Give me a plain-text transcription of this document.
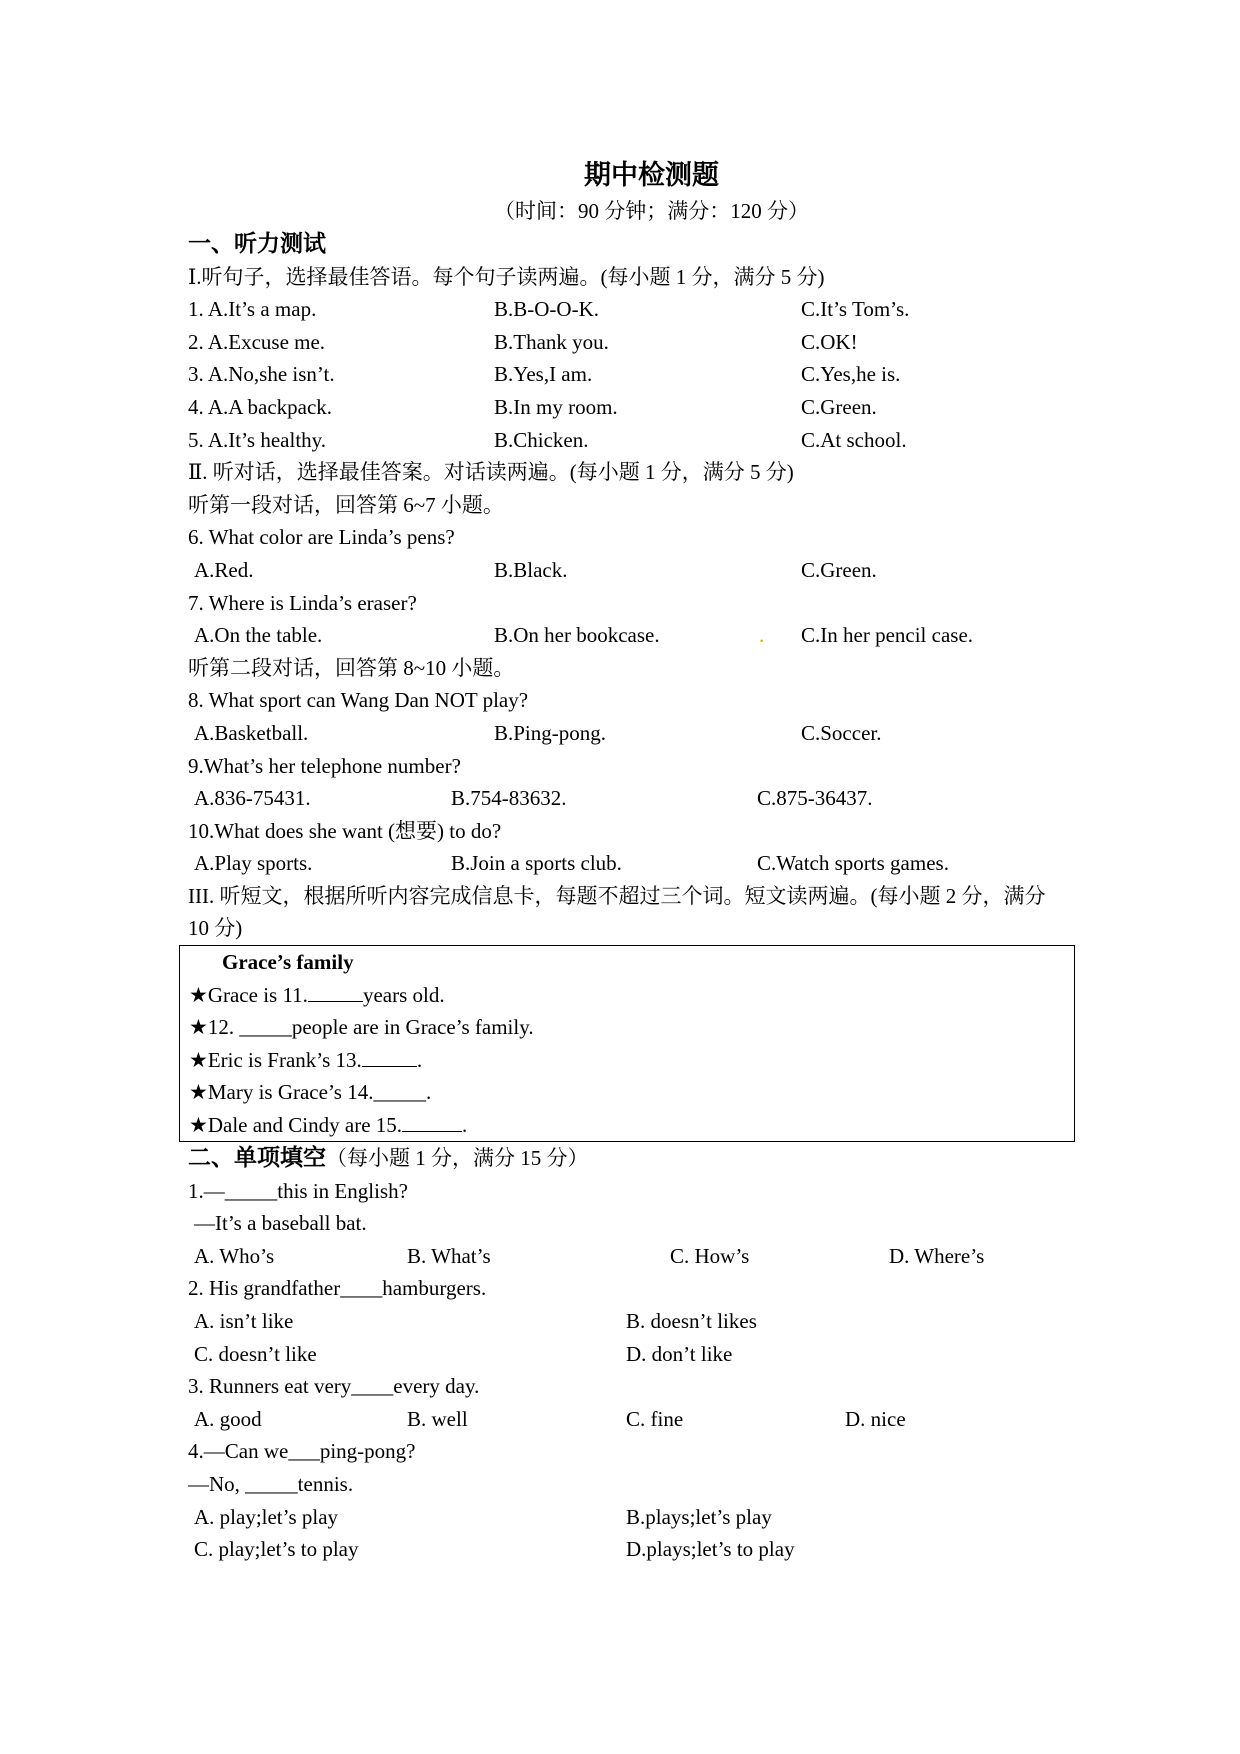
期中检测题
（时间：90 分钟；满分：120 分）
一、听力测试
Ⅰ.听句子，选择最佳答语。每个句子读两遍。(每小题 1 分，满分 5 分)
1. A.It’s a map.	B.B-O-O-K.	C.It’s Tom’s.
2. A.Excuse me.	B.Thank you.	C.OK!
3. A.No,she isn’t.	B.Yes,I am.	C.Yes,he is.
4. A.A backpack.	B.In my room.	C.Green.
5. A.It’s healthy.	B.Chicken.	C.At school.
Ⅱ. 听对话，选择最佳答案。对话读两遍。(每小题 1 分，满分 5 分)
听第一段对话，回答第 6~7 小题。
6. What color are Linda’s pens?
A.Red.	B.Black.	C.Green.
7. Where is Linda’s eraser?
A.On the table.	B.On her bookcase.	. C.In her pencil case.
听第二段对话，回答第 8~10 小题。
8. What sport can Wang Dan NOT play?
A.Basketball.	B.Ping-pong.	C.Soccer.
9.What’s her telephone number?
A.836-75431.	B.754-83632.	C.875-36437.
10.What does she want (想要) to do?
A.Play sports.	B.Join a sports club.	C.Watch sports games.
III. 听短文，根据所听内容完成信息卡，每题不超过三个词。短文读两遍。(每小题 2 分，满分 10 分)
Grace’s family
★Grace is 11.	years old.
★12. _____people are in Grace’s family.
★Eric is Frank’s 13.	.
★Mary is Grace’s 14._____.
★Dale and Cindy are 15.	.
二、单项填空（每小题 1 分，满分 15 分）
1.—_____this in English?
—It’s a baseball bat.
A. Who’s	B. What’s	C. How’s	D. Where’s
2. His grandfather____hamburgers.
A. isn’t like	B. doesn’t likes
C. doesn’t like	D. don’t like
3. Runners eat very____every day.
A. good	B. well	C. fine	D. nice
4.—Can we___ping-pong?
—No, _____tennis.
A. play;let’s play	B.plays;let’s play
C. play;let’s to play	D.plays;let’s to play
